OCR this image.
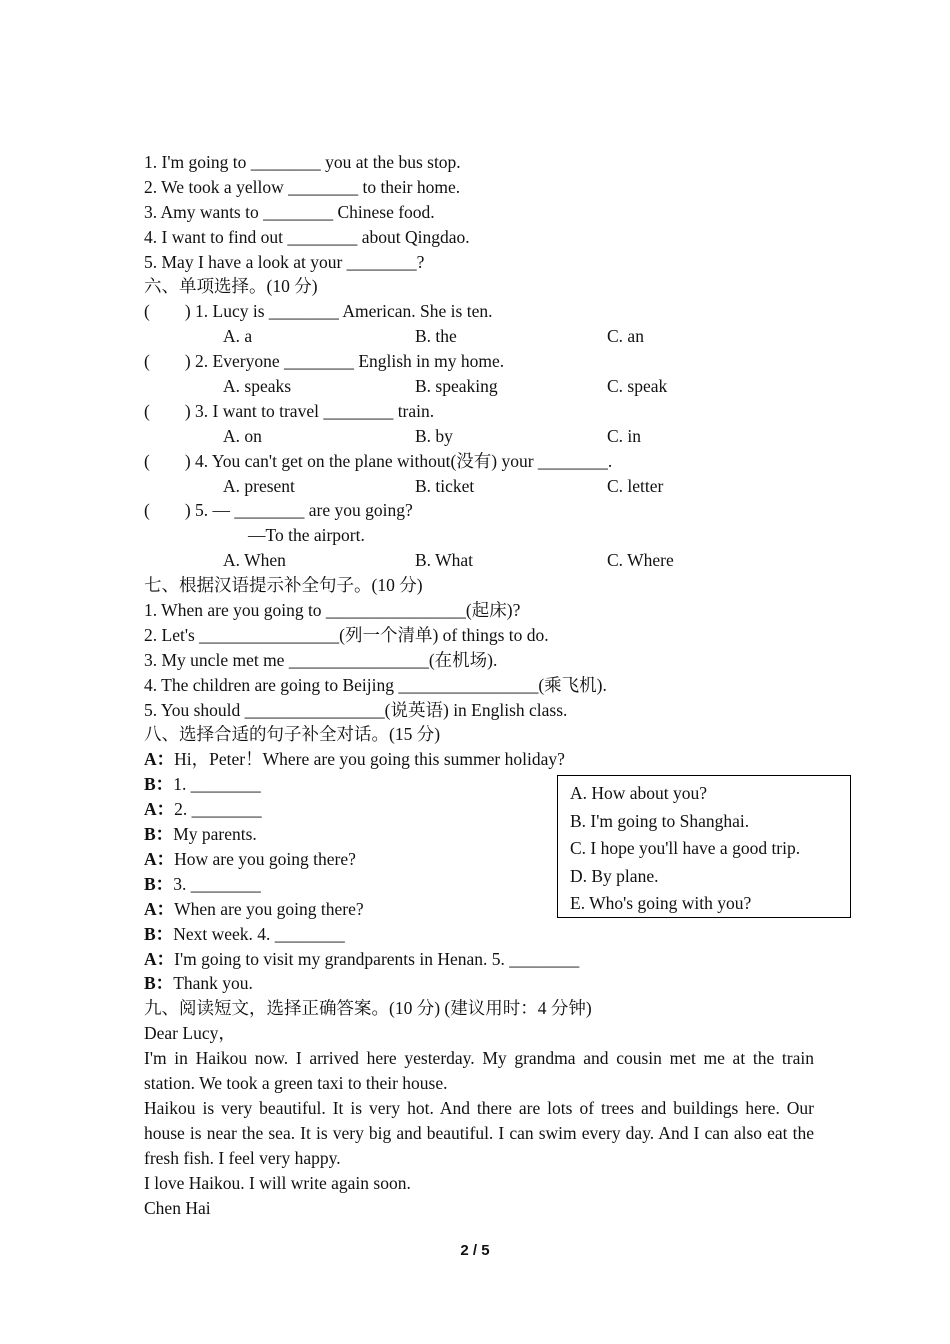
1. I'm going to ________ you at the bus stop.
2. We took a yellow ________ to their home.
3. Amy wants to ________ Chinese food.
4. I want to find out ________ about Qingdao.
5. May I have a look at your ________?
六、单项选择。(10 分)
(        ) 1. Lucy is ________ American. She is ten.
A. a	B. the	C. an
(        ) 2. Everyone ________ English in my home.
A. speaks	B. speaking	C. speak
(        ) 3. I want to travel ________ train.
A. on	B. by	C. in
(        ) 4. You can't get on the plane without(没有) your ________.
A. present	B. ticket	C. letter
(        ) 5. — ________ are you going?
—To the airport.
A. When	B. What	C. Where
七、根据汉语提示补全句子。(10 分)
1. When are you going to ________________(起床)?
2. Let's ________________(列一个清单) of things to do.
3. My uncle met me ________________(在机场).
4. The children are going to Beijing ________________(乘飞机).
5. You should ________________(说英语) in English class.
八、选择合适的句子补全对话。(15 分)
A：Hi，Peter！Where are you going this summer holiday?
B：1. ________
A：2. ________
B：My parents.
A：How are you going there?
B：3. ________
A：When are you going there?
B：Next week. 4. ________
A：I'm going to visit my grandparents in Henan. 5. ________
B：Thank you.
九、阅读短文，选择正确答案。(10 分) (建议用时：4 分钟)
Dear Lucy，
I'm in Haikou now. I arrived here yesterday. My grandma and cousin met me at the train station. We took a green taxi to their house.
Haikou is very beautiful. It is very hot. And there are lots of trees and buildings here. Our house is near the sea. It is very big and beautiful. I can swim every day. And I can also eat the fresh fish. I feel very happy.
I love Haikou. I will write again soon.
Chen Hai
A. How about you?
B. I'm going to Shanghai.
C. I hope you'll have a good trip.
D. By plane.
E. Who's going with you?
2 / 5
